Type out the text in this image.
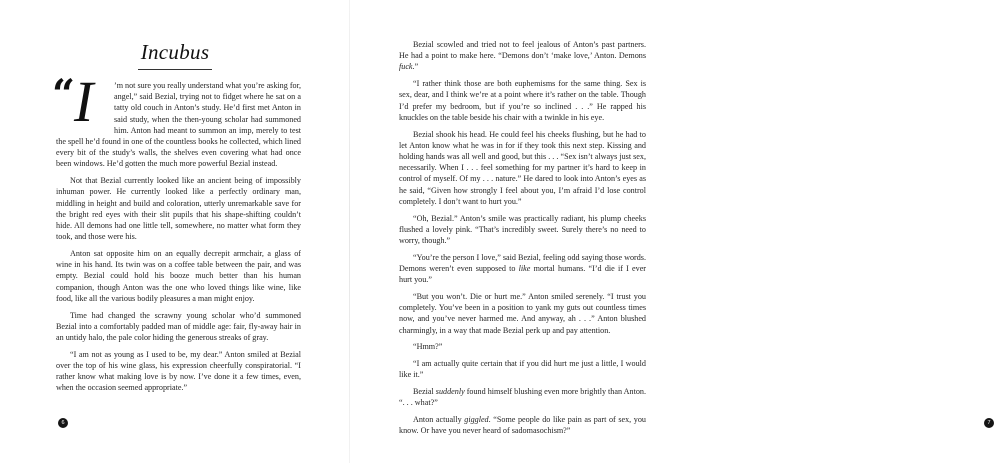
Incubus

“
I	’m not sure you really understand what you’re asking for, angel,” said Bezial, trying not to fidget where he sat on a tatty old couch in Anton’s study. He’d first met Anton in said study, when the then-young scholar had summoned him. Anton had meant to summon an imp, merely to test the spell he’d found in one of the countless books he collected, which lined every bit of the study’s walls, the shelves even covering what had once been windows. He’d gotten the much more powerful Bezial instead.

Not that Bezial currently looked like an ancient being of impossibly inhuman power. He currently looked like a perfectly ordinary man, middling in height and build and coloration, utterly unremarkable save for the bright red eyes with their slit pupils that his shape-shifting couldn’t hide. All demons had one little tell, somewhere, no matter what form they took, and those were his.

Anton sat opposite him on an equally decrepit armchair, a glass of wine in his hand. Its twin was on a coffee table between the pair, and was empty. Bezial could hold his booze much better than his human companion, though Anton was the one who loved things like wine, like food, like all the various bodily pleasures a man might enjoy.

Time had changed the scrawny young scholar who’d summoned Bezial into a comfortably padded man of middle age: fair, fly-away hair in an untidy halo, the pale color hiding the generous streaks of gray.

“I am not as young as I used to be, my dear.” Anton smiled at Bezial over the top of his wine glass, his expression cheerfully conspiratorial. “I rather know what making love is by now. I’ve done it a few times, even, when the occasion seemed appropriate.”

6	7

Bezial scowled and tried not to feel jealous of Anton’s past partners. He had a point to make here. “Demons don’t ‘make love,’ Anton. Demons fuck.”

“I rather think those are both euphemisms for the same thing. Sex is sex, dear, and I think we’re at a point where it’s rather on the table. Though I’d prefer my bedroom, but if you’re so inclined . . .” He rapped his knuckles on the table beside his chair with a twinkle in his eye.

Bezial shook his head. He could feel his cheeks flushing, but he had to let Anton know what he was in for if they took this next step. Kissing and holding hands was all well and good, but this . . . “Sex isn’t always just sex, necessarily. When I . . . feel something for my partner it’s hard to keep in control of myself. Of my . . . nature.” He dared to look into Anton’s eyes as he said, “Given how strongly I feel about you, I’m afraid I’d lose control completely. I don’t want to hurt you.”

“Oh, Bezial.” Anton’s smile was practically radiant, his plump cheeks flushed a lovely pink. “That’s incredibly sweet. Surely there’s no need to worry, though.”

“You’re the person I love,” said Bezial, feeling odd saying those words. Demons weren’t even supposed to like mortal humans. “I’d die if I ever hurt you.”

“But you won’t. Die or hurt me.” Anton smiled serenely. “I trust you completely. You’ve been in a position to yank my guts out countless times now, and you’ve never harmed me. And anyway, ah . . .” Anton blushed charmingly, in a way that made Bezial perk up and pay attention.

“Hmm?”

“I am actually quite certain that if you did hurt me just a little, I would like it.”

Bezial suddenly found himself blushing even more brightly than Anton. “. . . what?”

Anton actually giggled. “Some people do like pain as part of sex, you know. Or have you never heard of sadomasochism?”
